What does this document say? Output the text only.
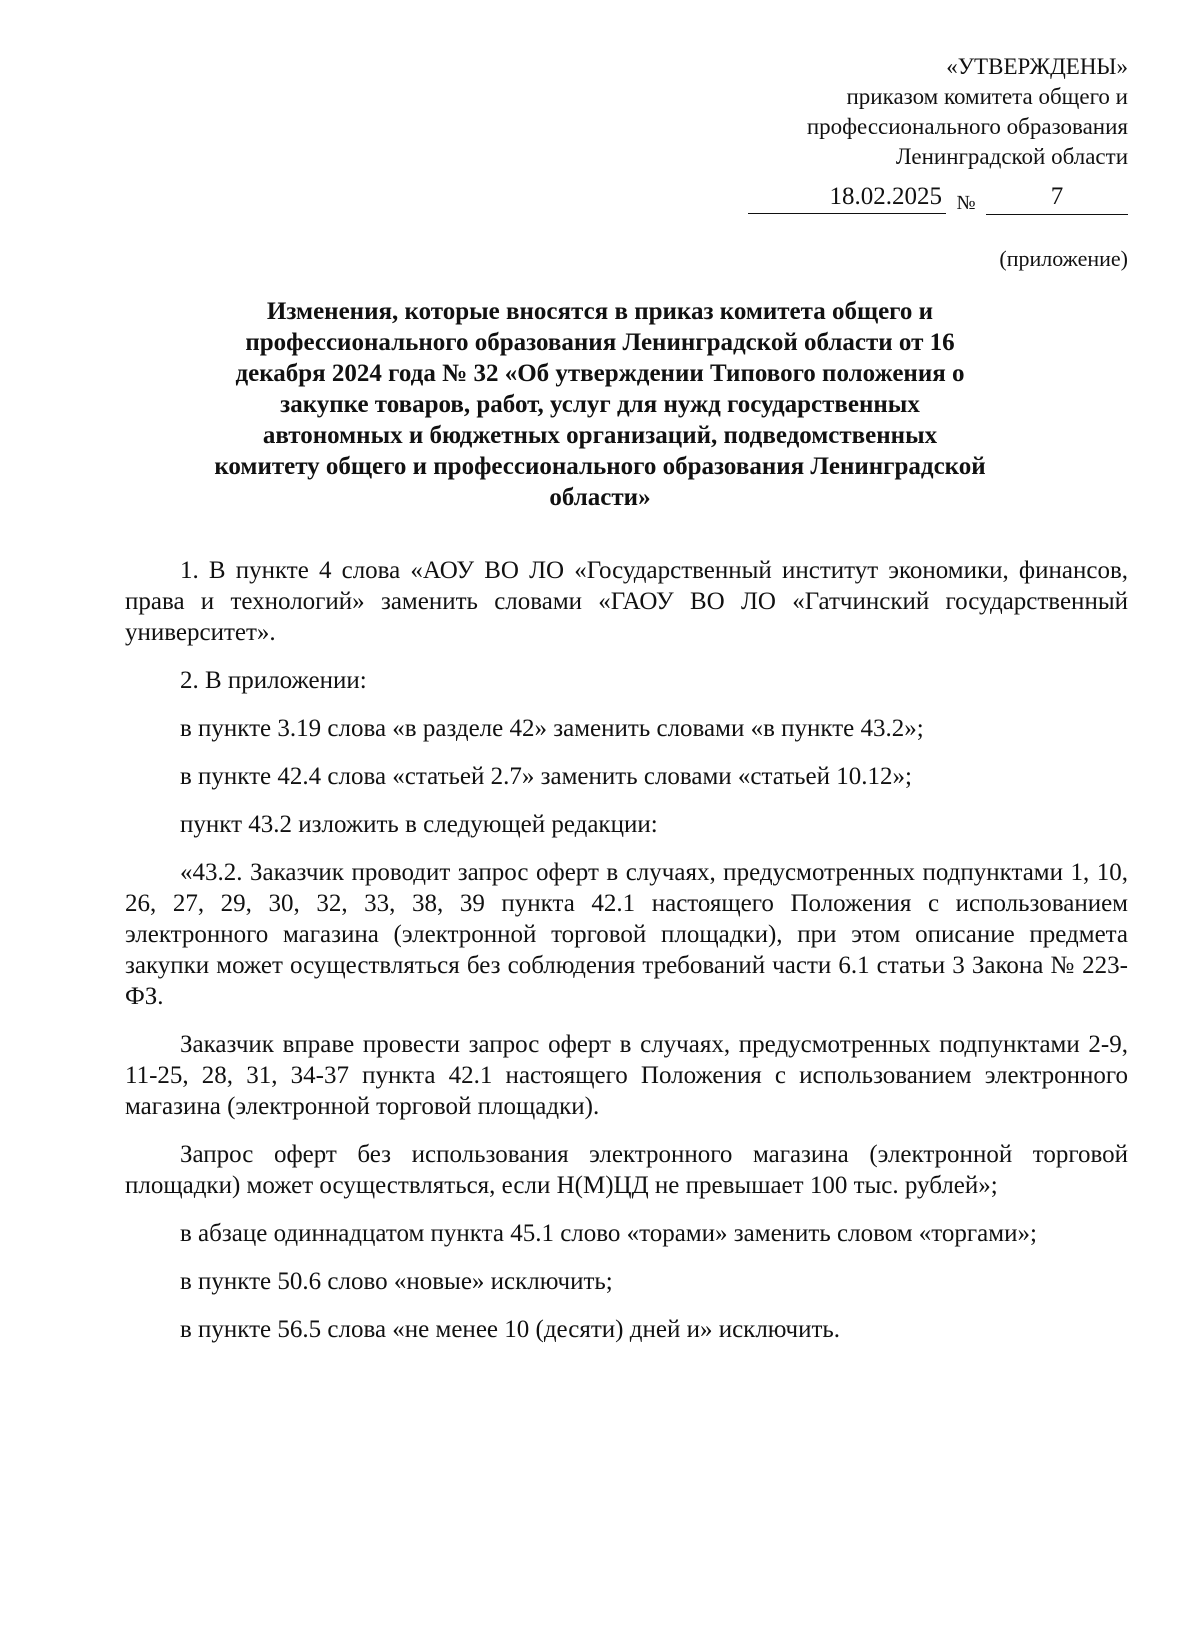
«УТВЕРЖДЕНЫ»
приказом комитета общего и
профессионального образования
Ленинградской области
18.02.2025 №	7
(приложение)
Изменения, которые вносятся в приказ комитета общего и
профессионального образования Ленинградской области от 16
декабря 2024 года № 32 «Об утверждении Типового положения о
закупке товаров, работ, услуг для нужд государственных
автономных и бюджетных организаций, подведомственных
комитету общего и профессионального образования Ленинградской
области»

1. В пункте 4 слова «АОУ ВО ЛО «Государственный институт экономики, финансов, права и технологий» заменить словами «ГАОУ ВО ЛО «Гатчинский государственный университет».

2. В приложении:

в пункте 3.19 слова «в разделе 42» заменить словами «в пункте 43.2»;

в пункте 42.4 слова «статьей 2.7» заменить словами «статьей 10.12»;

пункт 43.2 изложить в следующей редакции:

«43.2. Заказчик проводит запрос оферт в случаях, предусмотренных подпунктами 1, 10, 26, 27, 29, 30, 32, 33, 38, 39 пункта 42.1 настоящего Положения с использованием электронного магазина (электронной торговой площадки), при этом описание предмета закупки может осуществляться без соблюдения требований части 6.1 статьи 3 Закона № 223-ФЗ.

Заказчик вправе провести запрос оферт в случаях, предусмотренных подпунктами 2-9, 11-25, 28, 31, 34-37 пункта 42.1 настоящего Положения с использованием электронного магазина (электронной торговой площадки).

Запрос оферт без использования электронного магазина (электронной торговой площадки) может осуществляться, если Н(М)ЦД не превышает 100 тыс. рублей»;

в абзаце одиннадцатом пункта 45.1 слово «торами» заменить словом «торгами»;

в пункте 50.6 слово «новые» исключить;

в пункте 56.5 слова «не менее 10 (десяти) дней и» исключить.
